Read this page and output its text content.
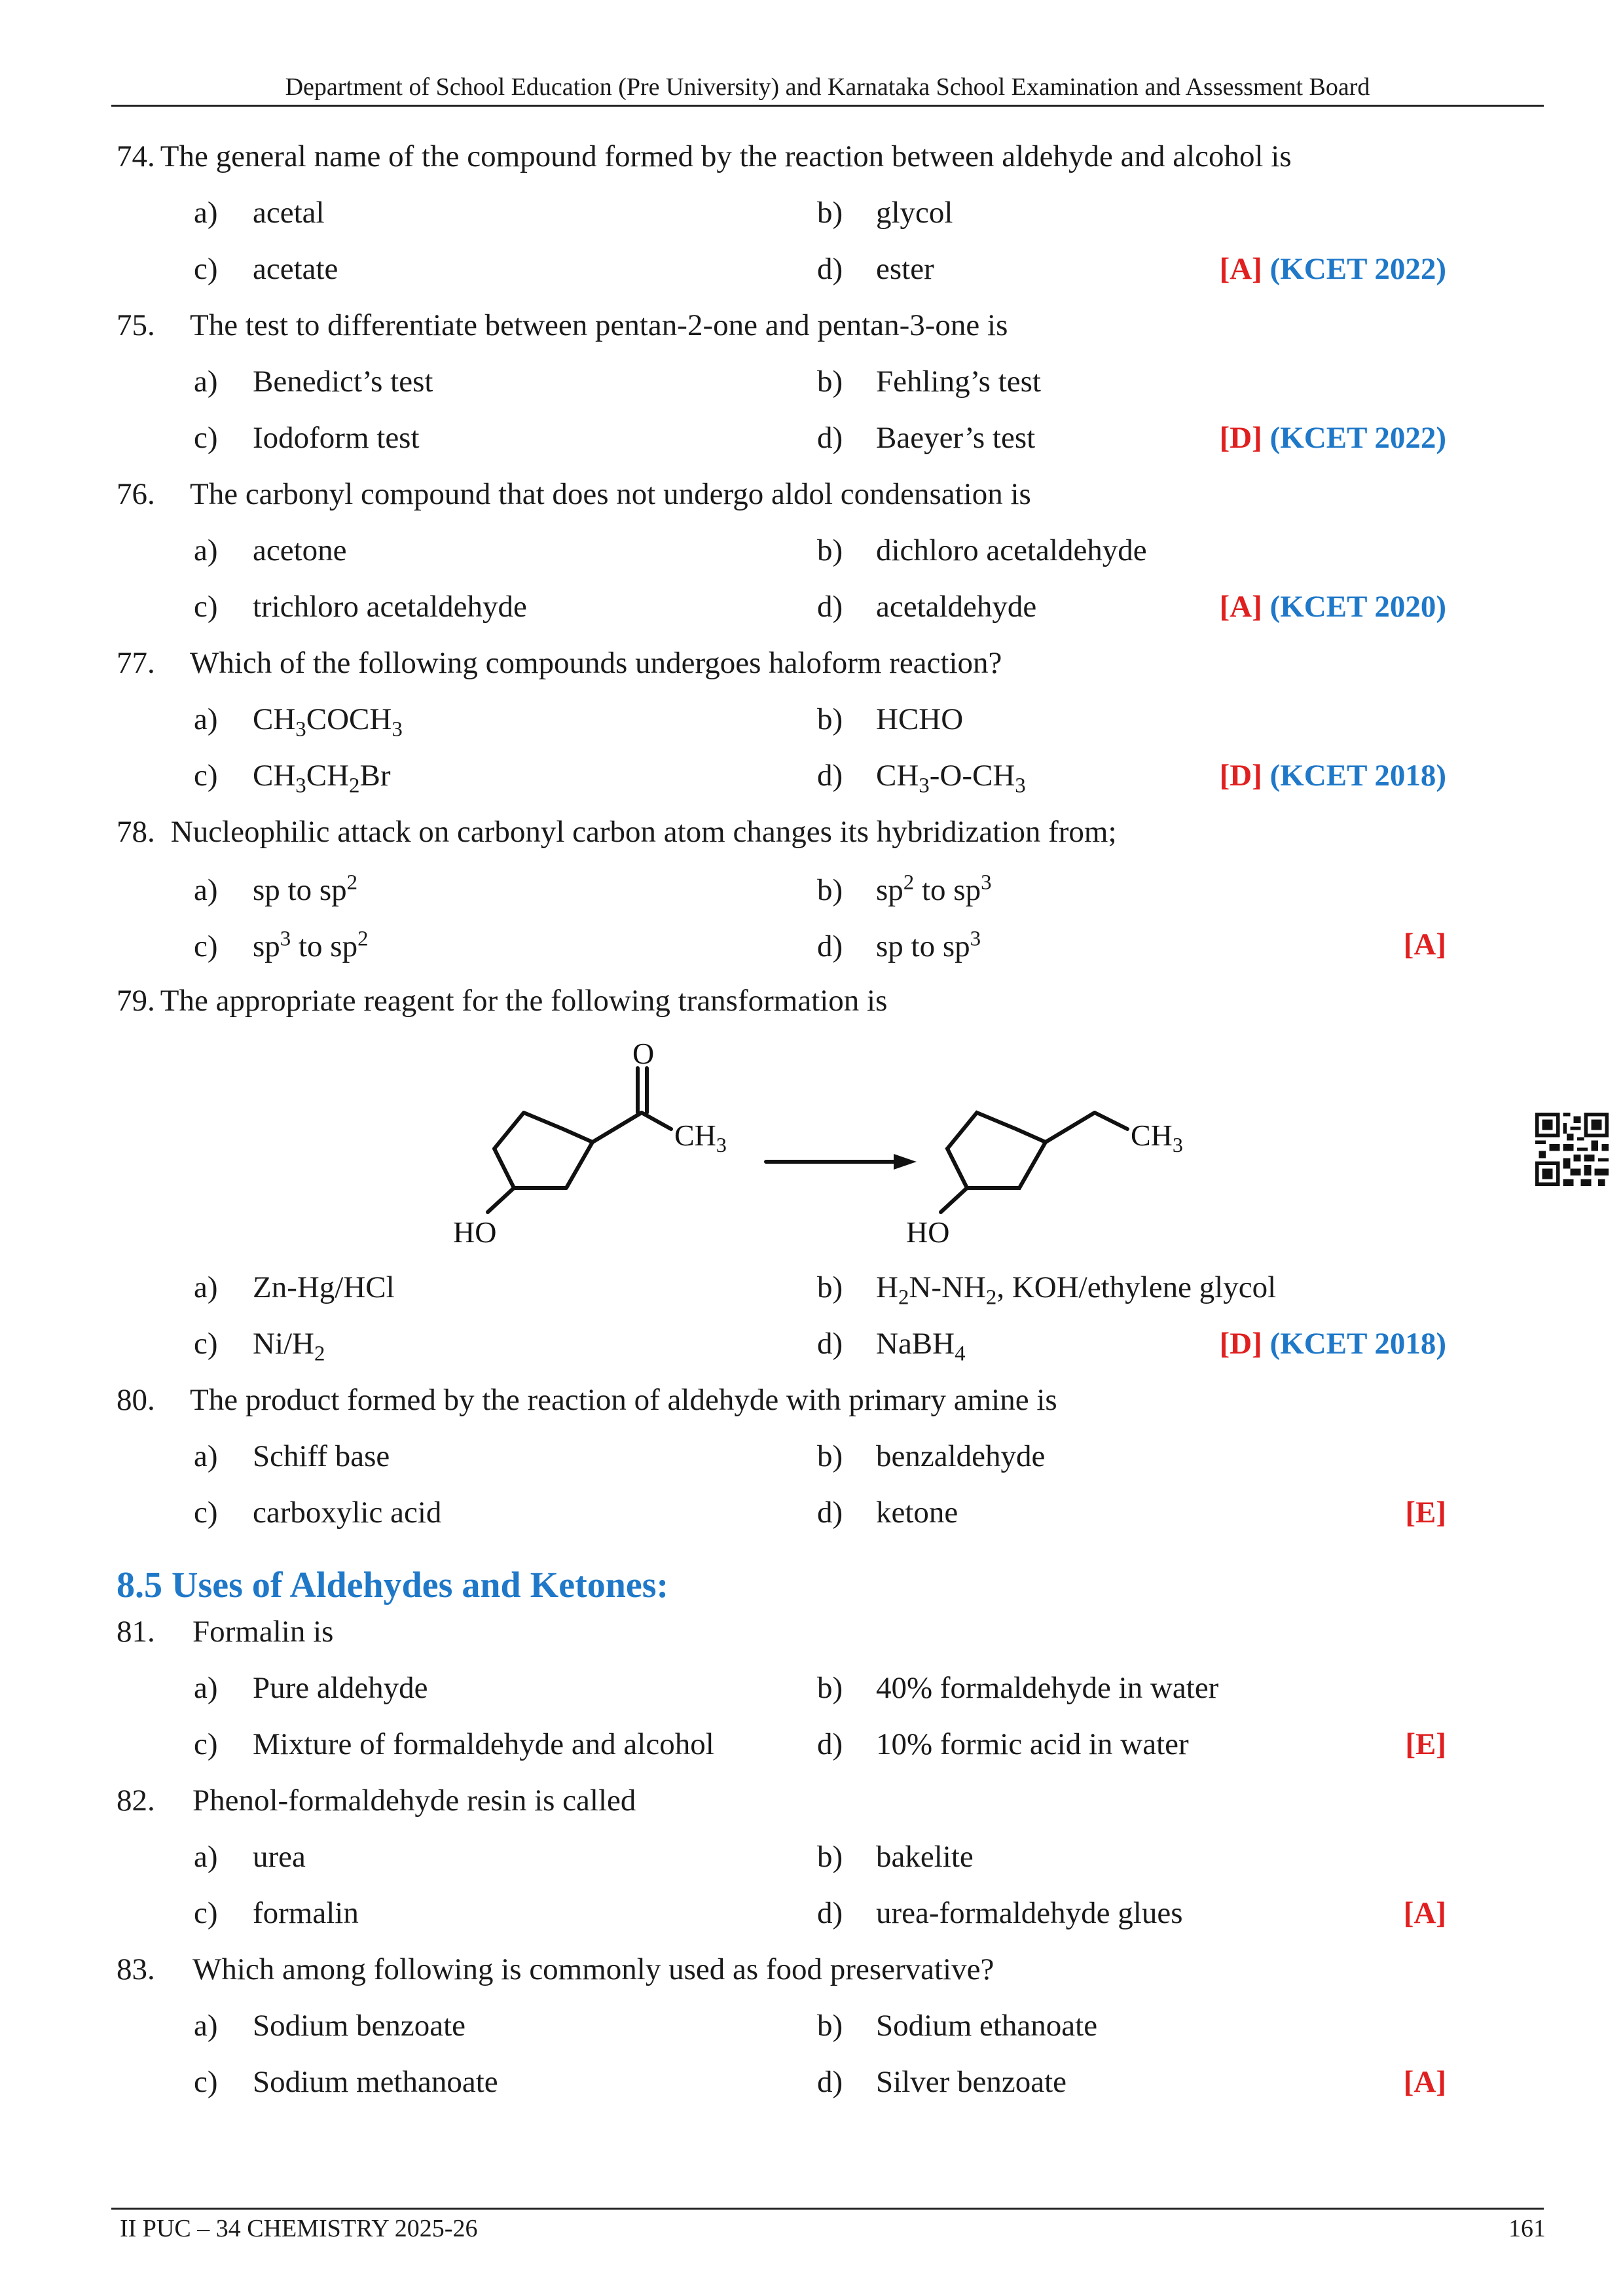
Department of School Education (Pre University) and Karnataka School Examination and Assessment Board
74. The general name of the compound formed by the reaction between aldehyde and alcohol is
a) acetal	b) glycol
c) acetate	d) ester	[A] (KCET 2022)
75. The test to differentiate between pentan-2-one and pentan-3-one is
a) Benedict’s test	b) Fehling’s test
c) Iodoform test	d) Baeyer’s test	[D] (KCET 2022)
76. The carbonyl compound that does not undergo aldol condensation is
a) acetone	b) dichloro acetaldehyde
c) trichloro acetaldehyde	d) acetaldehyde	[A] (KCET 2020)
77. Which of the following compounds undergoes haloform reaction?
a) $CH_3COCH_3$	b) HCHO
c) $CH_3CH_2Br$	d) $CH_3-O-CH_3$	[D] (KCET 2018)
78. Nucleophilic attack on carbonyl carbon atom changes its hybridization from;
a) sp to $sp^2$	b) $sp^2$ to $sp^3$
c) $sp^3$ to $sp^2$	d) sp to $sp^3$	[A]
79. The appropriate reagent for the following transformation is
O
$CH_3$
HO
$CH_3$
HO
a) Zn-Hg/HCl	b) $H_2N-NH_2$, KOH/ethylene glycol
c) $Ni/H_2$	d) NaBH$_4$	[D] (KCET 2018)
80. The product formed by the reaction of aldehyde with primary amine is
a) Schiff base	b) benzaldehyde
c) carboxylic acid	d) ketone	[E]
8.5 Uses of Aldehydes and Ketones:
81. Formalin is
a) Pure aldehyde	b) 40% formaldehyde in water
c) Mixture of formaldehyde and alcohol	d) 10% formic acid in water	[E]
82. Phenol-formaldehyde resin is called
a) urea	b) bakelite
c) formalin	d) urea-formaldehyde glues	[A]
83. Which among following is commonly used as food preservative?
a) Sodium benzoate	b) Sodium ethanoate
c) Sodium methanoate	d) Silver benzoate	[A]
II PUC – 34 CHEMISTRY 2025-26	161
